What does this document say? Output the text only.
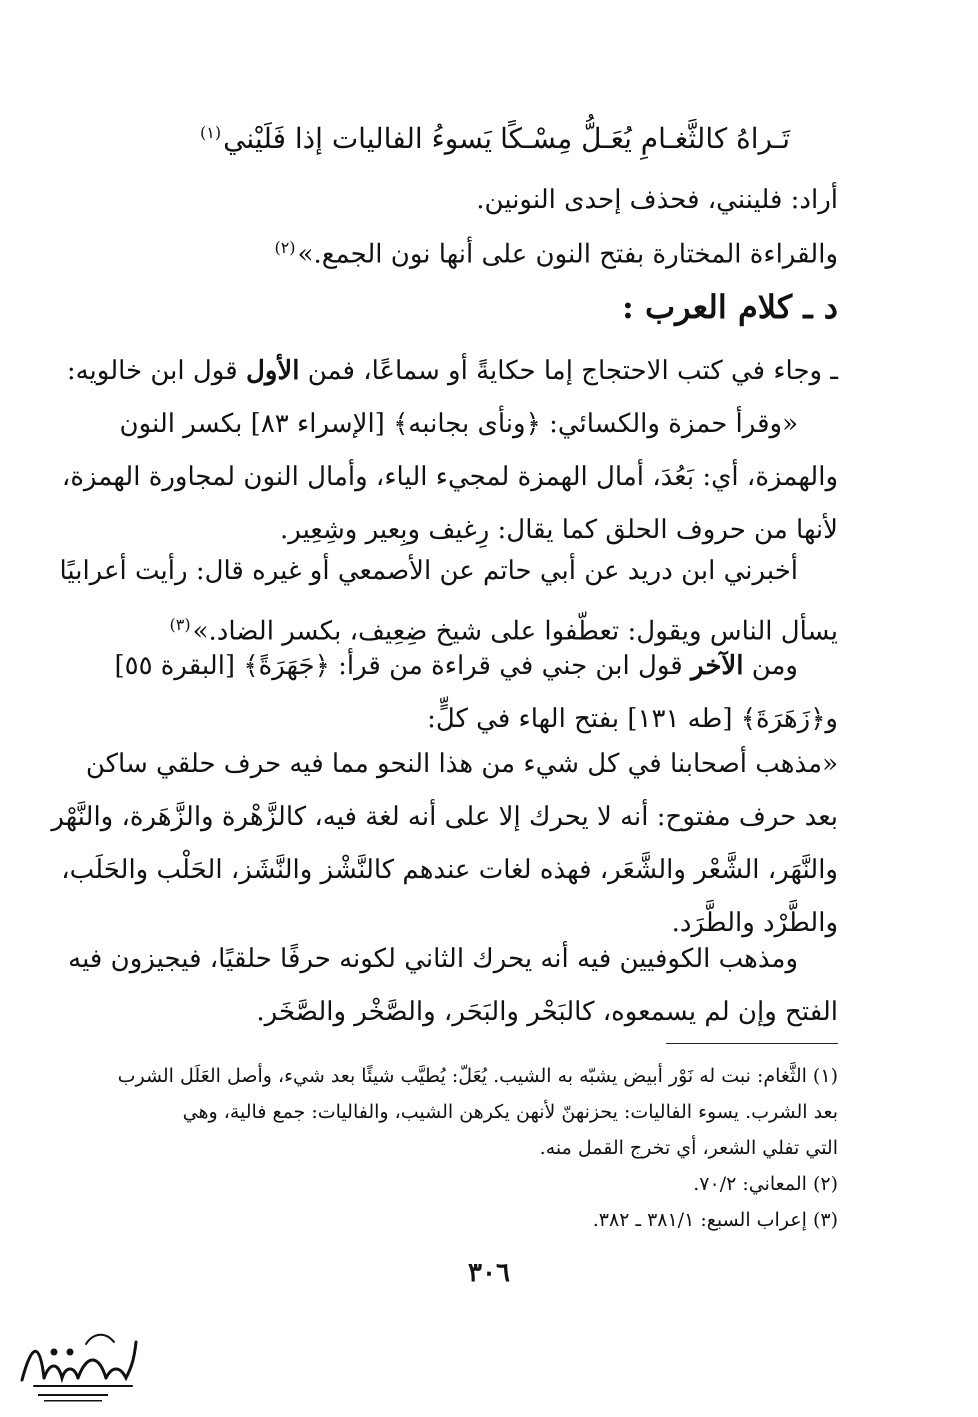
تَـراهُ كالثَّغـامِ يُعَـلُّ مِسْـكًا
يَسوءُ الفاليات إذا فَلَيْني$^{(١)}$
أراد: فلينني، فحذف إحدى النونين.
والقراءة المختارة بفتح النون على أنها نون الجمع.»$^{(٢)}$
د ـ كلام العرب :
ـ وجاء في كتب الاحتجاج إما حكايةً أو سماعًا، فمن الأول قول ابن خالويه:
«وقرأ حمزة والكسائي: ﴿ونأى بجانبه﴾ [الإسراء ٨٣] بكسر النون
والهمزة، أي: بَعُدَ، أمال الهمزة لمجيء الياء، وأمال النون لمجاورة الهمزة،
لأنها من حروف الحلق كما يقال: رِغيف وبِعير وشِعِير.
أخبرني ابن دريد عن أبي حاتم عن الأصمعي أو غيره قال: رأيت أعرابيًا
يسأل الناس ويقول: تعطّفوا على شيخ ضِعِيف، بكسر الضاد.»$^{(٣)}$
ومن الآخر قول ابن جني في قراءة من قرأ: ﴿جَهَرَةً﴾ [البقرة ٥٥]
و﴿زَهَرَةَ﴾ [طه ١٣١] بفتح الهاء في كلٍّ:
«مذهب أصحابنا في كل شيء من هذا النحو مما فيه حرف حلقي ساكن
بعد حرف مفتوح: أنه لا يحرك إلا على أنه لغة فيه، كالزَّهْرة والزَّهَرة، والنَّهْر
والنَّهَر، الشَّعْر والشَّعَر، فهذه لغات عندهم كالنَّشْز والنَّشَز، الحَلْب والحَلَب،
والطَّرْد والطَّرَد.
ومذهب الكوفيين فيه أنه يحرك الثاني لكونه حرفًا حلقيًا، فيجيزون فيه
الفتح وإن لم يسمعوه، كالبَحْر والبَحَر، والصَّخْر والصَّخَر.
(١) الثَّغام: نبت له نَوْر أبيض يشبّه به الشيب. يُعَلّ: يُطيَّب شيئًا بعد شيء، وأصل العَلَل الشرب
بعد الشرب. يسوء الفاليات: يحزنهنّ لأنهن يكرهن الشيب، والفاليات: جمع فالية، وهي
التي تفلي الشعر، أي تخرج القمل منه.
(٢) المعاني: ٧٠/٢.
(٣) إعراب السبع: ٣٨١/١ ـ ٣٨٢.
٣٠٦
